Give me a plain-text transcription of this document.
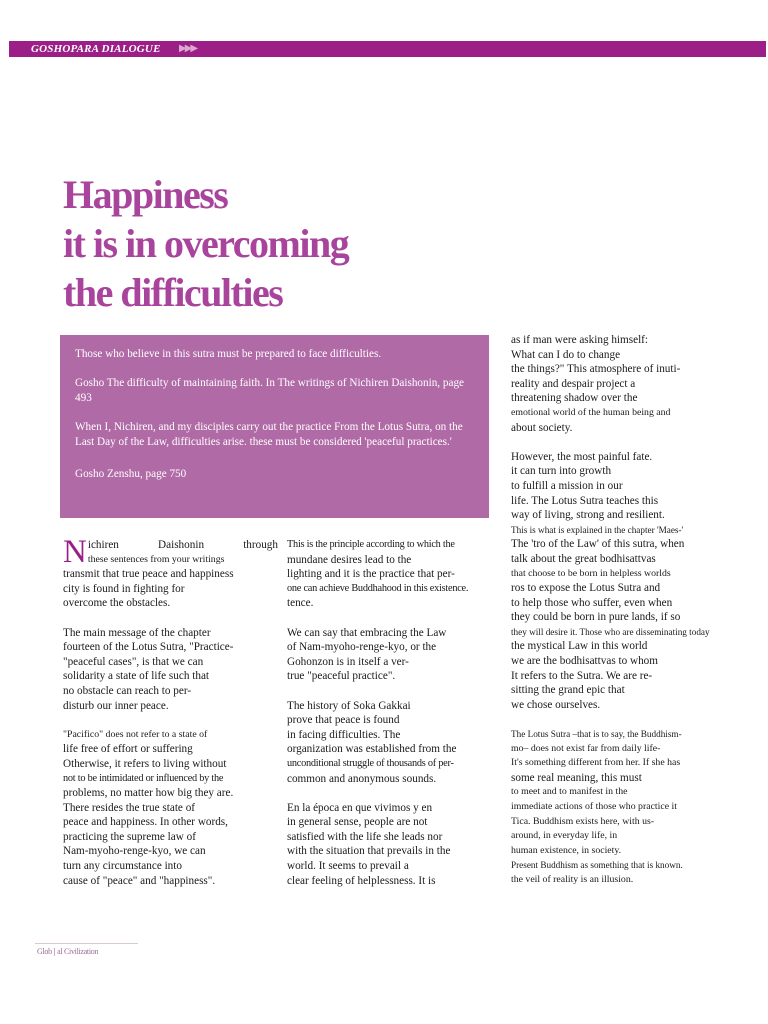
GOSHOPARA DIALOGUE ▶▶▶
Happiness
it is in overcoming
the difficulties

Those who believe in this sutra must be prepared to face difficulties.

Gosho The difficulty of maintaining faith. In The writings of Nichiren Daishonin, page 493

When I, Nichiren, and my disciples carry out the practice From the Lotus Sutra, on the Last Day of the Law, difficulties arise. these must be considered 'peaceful practices.'

Gosho Zenshu, page 750

N ichiren	Daishonin	through
these sentences from your writings
transmit that true peace and happiness
city is found in fighting for
overcome the obstacles.

The main message of the chapter
fourteen of the Lotus Sutra, "Practice-
"peaceful cases", is that we can
solidarity a state of life such that
no obstacle can reach to per-
disturb our inner peace.

"Pacifico" does not refer to a state of
life free of effort or suffering
Otherwise, it refers to living without
not to be intimidated or influenced by the
problems, no matter how big they are.
There resides the true state of
peace and happiness. In other words,
practicing the supreme law of
Nam-myoho-renge-kyo, we can
turn any circumstance into
cause of "peace" and "happiness".

This is the principle according to which the
mundane desires lead to the
lighting and it is the practice that per-
one can achieve Buddhahood in this existence.
tence.

We can say that embracing the Law
of Nam-myoho-renge-kyo, or the
Gohonzon is in itself a ver-
true "peaceful practice".

The history of Soka Gakkai
prove that peace is found
in facing difficulties. The
organization was established from the
unconditional struggle of thousands of per-
common and anonymous sounds.

En la época en que vivimos y en
in general sense, people are not
satisfied with the life she leads nor
with the situation that prevails in the
world. It seems to prevail a
clear feeling of helplessness. It is

as if man were asking himself:
What can I do to change
the things?" This atmosphere of inuti-
reality and despair project a
threatening shadow over the
emotional world of the human being and
about society.

However, the most painful fate.
it can turn into growth
to fulfill a mission in our
life. The Lotus Sutra teaches this
way of living, strong and resilient.
This is what is explained in the chapter 'Maes-'
The 'tro of the Law' of this sutra, when
talk about the great bodhisattvas
that choose to be born in helpless worlds
ros to expose the Lotus Sutra and
to help those who suffer, even when
they could be born in pure lands, if so
they will desire it. Those who are disseminating today
the mystical Law in this world
we are the bodhisattvas to whom
It refers to the Sutra. We are re-
sitting the grand epic that
we chose ourselves.

The Lotus Sutra –that is to say, the Buddhism-
mo– does not exist far from daily life-
It's something different from her. If she has
some real meaning, this must
to meet and to manifest in the
immediate actions of those who practice it
Tica. Buddhism exists here, with us-
around, in everyday life, in
human existence, in society.
Present Buddhism as something that is known.
the veil of reality is an illusion.

Glob | al Civilization
